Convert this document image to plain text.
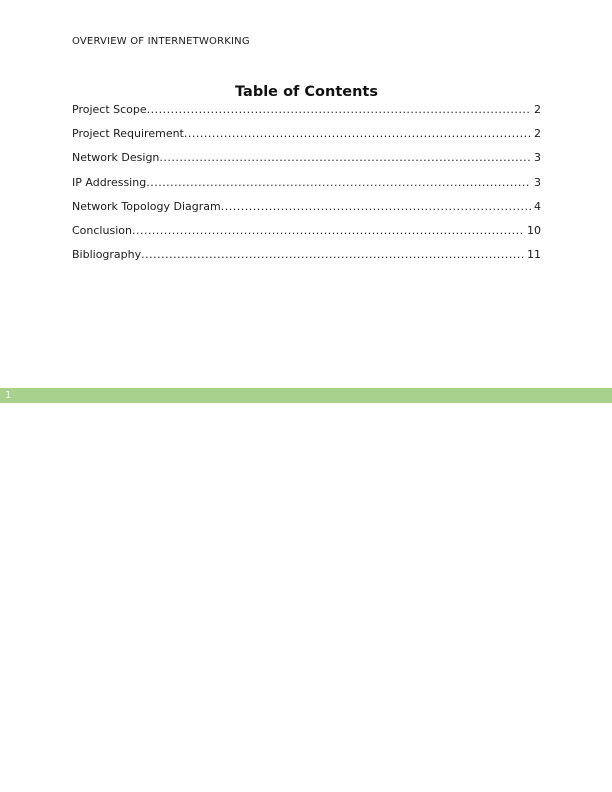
OVERVIEW OF INTERNETWORKING
Table of Contents
Project Scope .....	2
Project Requirement .....	2
Network Design .....	3
IP Addressing .....	3
Network Topology Diagram .....	4
Conclusion .....	10
Bibliography .....	11
1
